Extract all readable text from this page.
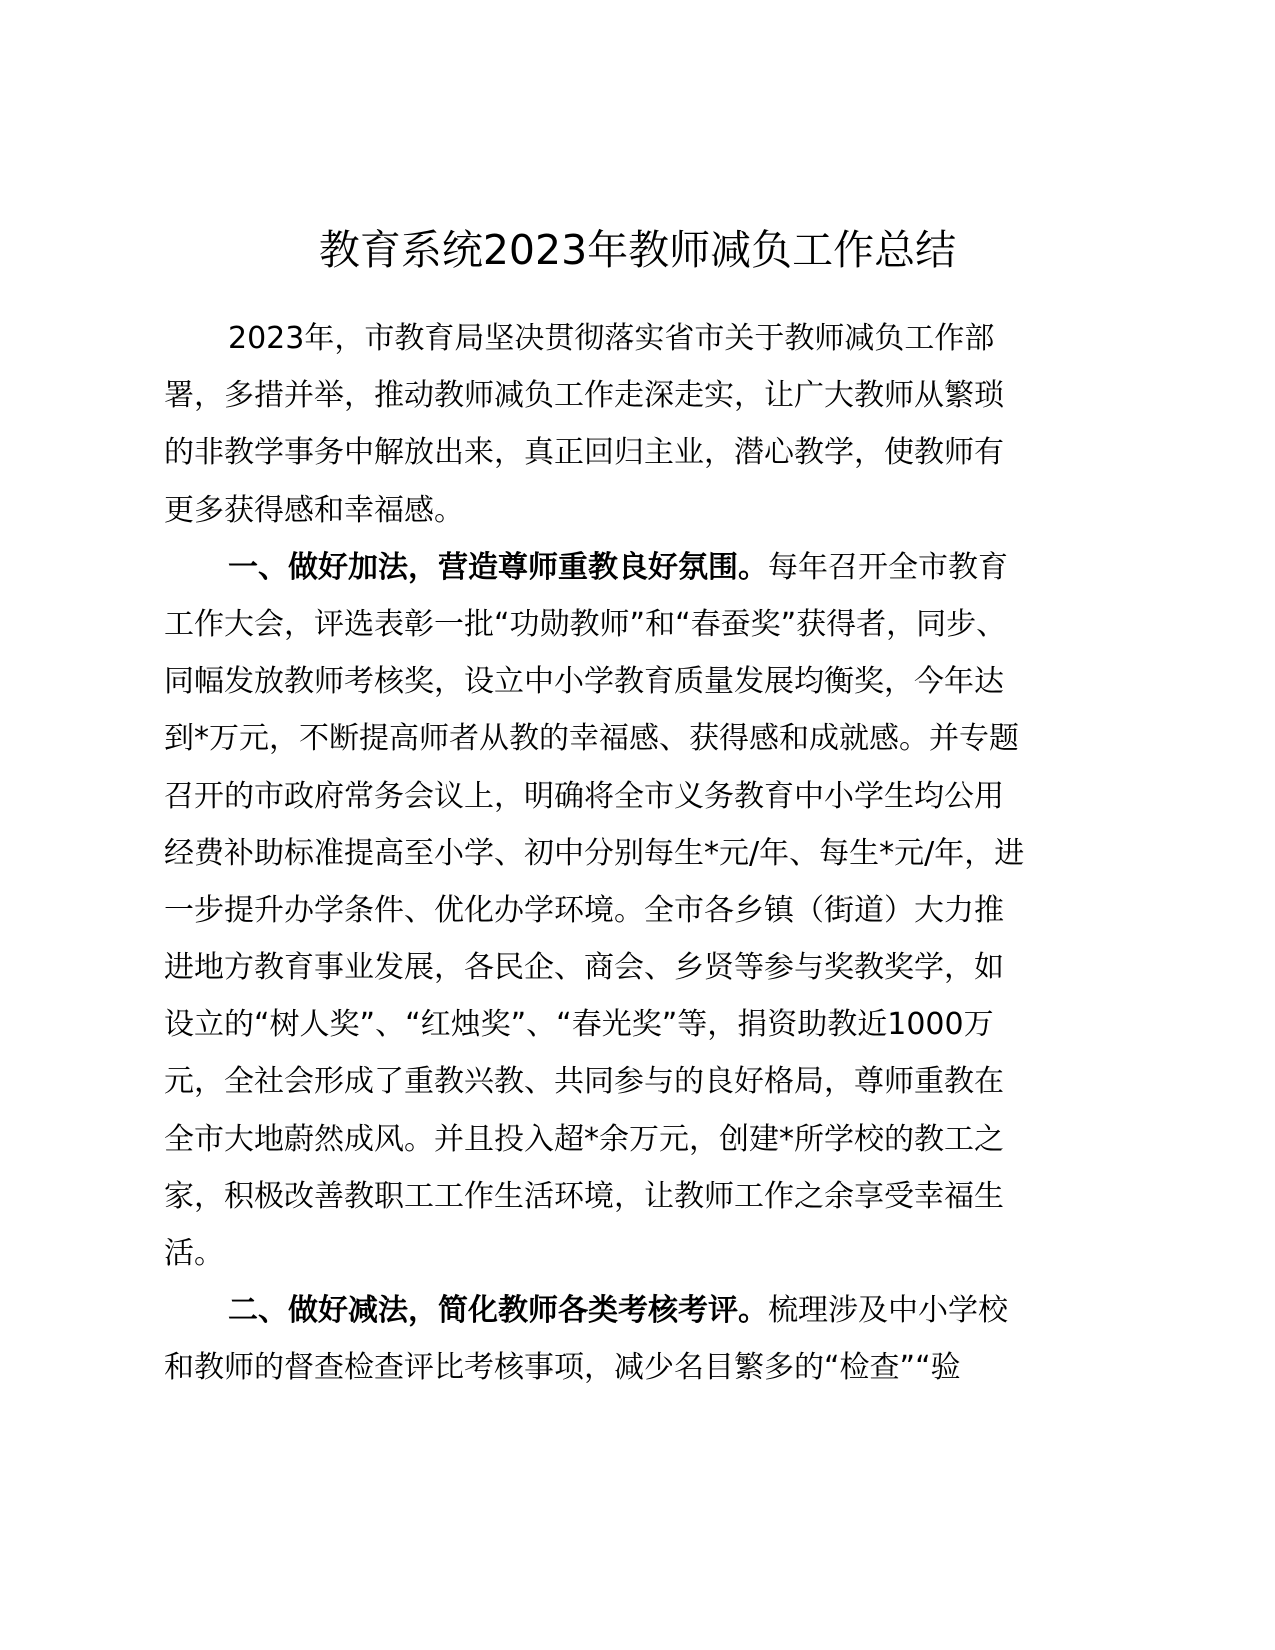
教育系统2023年教师减负工作总结

2023年，市教育局坚决贯彻落实省市关于教师减负工作部
署，多措并举，推动教师减负工作走深走实，让广大教师从繁琐
的非教学事务中解放出来，真正回归主业，潜心教学，使教师有
更多获得感和幸福感。

一、做好加法，营造尊师重教良好氛围。每年召开全市教育
工作大会，评选表彰一批“功勋教师”和“春蚕奖”获得者，同步、
同幅发放教师考核奖，设立中小学教育质量发展均衡奖，今年达
到*万元，不断提高师者从教的幸福感、获得感和成就感。并专题
召开的市政府常务会议上，明确将全市义务教育中小学生均公用
经费补助标准提高至小学、初中分别每生*元/年、每生*元/年，进
一步提升办学条件、优化办学环境。全市各乡镇（街道）大力推
进地方教育事业发展，各民企、商会、乡贤等参与奖教奖学，如
设立的“树人奖”、“红烛奖”、“春光奖”等，捐资助教近1000万
元，全社会形成了重教兴教、共同参与的良好格局，尊师重教在
全市大地蔚然成风。并且投入超*余万元，创建*所学校的教工之
家，积极改善教职工工作生活环境，让教师工作之余享受幸福生
活。

二、做好减法，简化教师各类考核考评。梳理涉及中小学校
和教师的督查检查评比考核事项，减少名目繁多的“检查”“验
